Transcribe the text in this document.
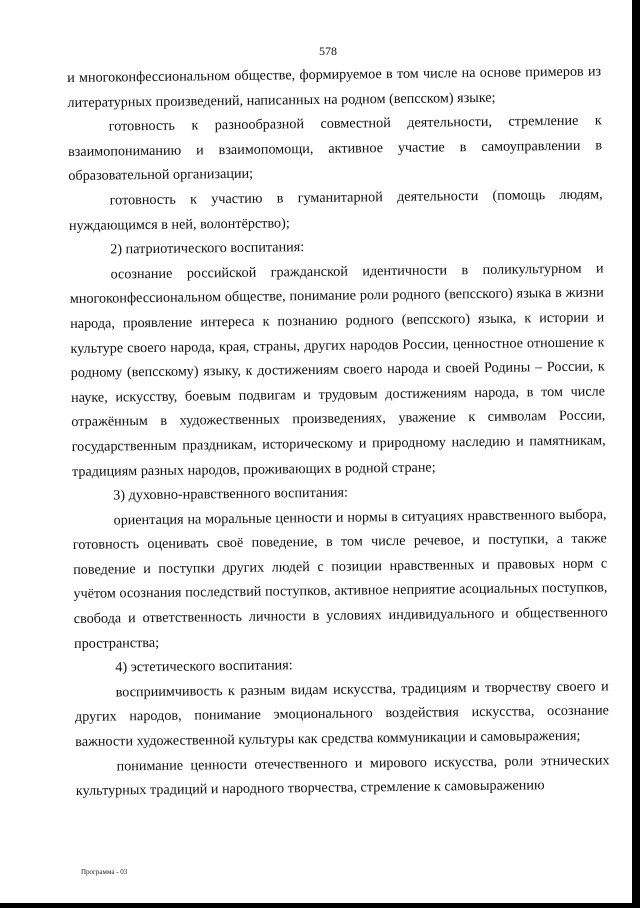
578

и многоконфессиональном обществе, формируемое в том числе на основе примеров из литературных произведений, написанных на родном (вепсском) языке;

готовность к разнообразной совместной деятельности, стремление к взаимопониманию и взаимопомощи, активное участие в самоуправлении в образовательной организации;

готовность к участию в гуманитарной деятельности (помощь людям, нуждающимся в ней, волонтёрство);

2) патриотического воспитания:

осознание российской гражданской идентичности в поликультурном и многоконфессиональном обществе, понимание роли родного (вепсского) языка в жизни народа, проявление интереса к познанию родного (вепсского) языка, к истории и культуре своего народа, края, страны, других народов России, ценностное отношение к родному (вепсскому) языку, к достижениям своего народа и своей Родины – России, к науке, искусству, боевым подвигам и трудовым достижениям народа, в том числе отражённым в художественных произведениях, уважение к символам России, государственным праздникам, историческому и природному наследию и памятникам, традициям разных народов, проживающих в родной стране;

3) духовно-нравственного воспитания:

ориентация на моральные ценности и нормы в ситуациях нравственного выбора, готовность оценивать своё поведение, в том числе речевое, и поступки, а также поведение и поступки других людей с позиции нравственных и правовых норм с учётом осознания последствий поступков, активное неприятие асоциальных поступков, свобода и ответственность личности в условиях индивидуального и общественного пространства;

4) эстетического воспитания:

восприимчивость к разным видам искусства, традициям и творчеству своего и других народов, понимание эмоционального воздействия искусства, осознание важности художественной культуры как средства коммуникации и самовыражения;

понимание ценности отечественного и мирового искусства, роли этнических культурных традиций и народного творчества, стремление к самовыражению

Программа - 03
